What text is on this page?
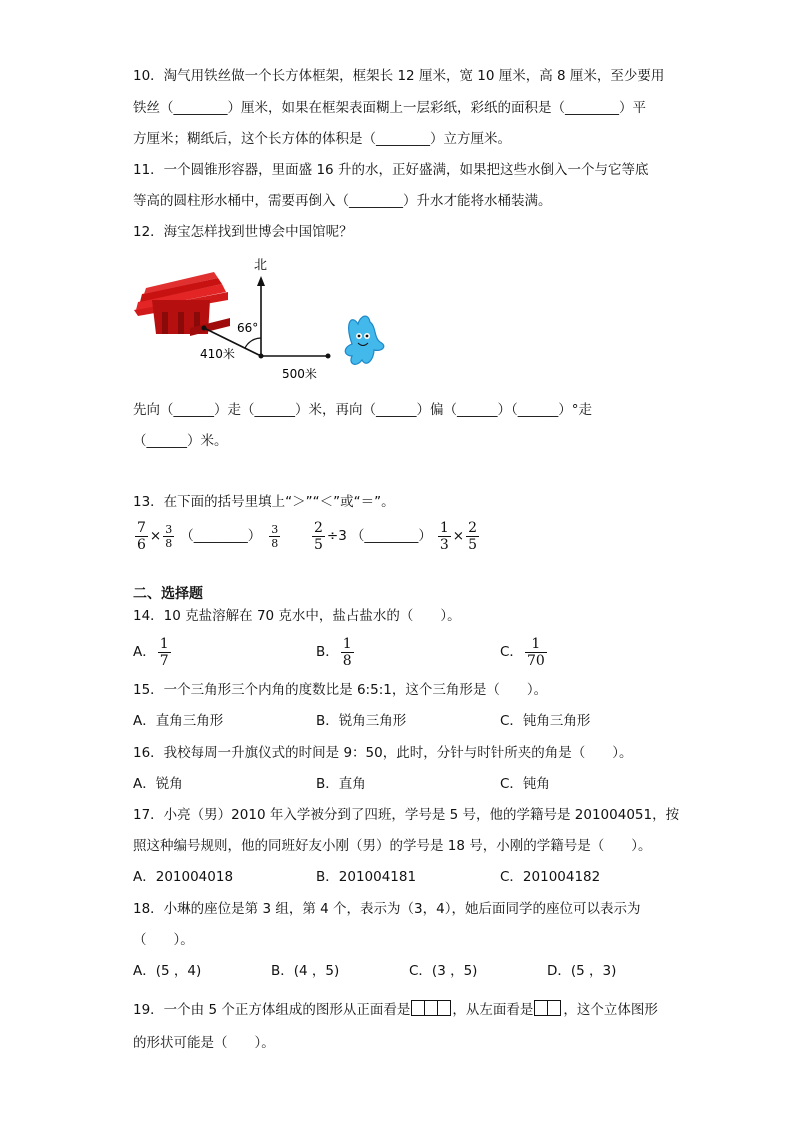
10．淘气用铁丝做一个长方体框架，框架长 12 厘米，宽 10 厘米，高 8 厘米，至少要用
铁丝（________）厘米，如果在框架表面糊上一层彩纸，彩纸的面积是（________）平
方厘米；糊纸后，这个长方体的体积是（________）立方厘米。
11．一个圆锥形容器，里面盛 16 升的水，正好盛满，如果把这些水倒入一个与它等底
等高的圆柱形水桶中，需要再倒入（________）升水才能将水桶装满。
12．海宝怎样找到世博会中国馆呢？
北
66°
410米
500米
先向（______）走（______）米，再向（______）偏（______）（______）°走
（______）米。
13．在下面的括号里填上“＞”“＜”或“＝”。
$\frac{7}{6} \times \frac{3}{8}$ （________） $\frac{3}{8} \frac{2}{5} \div 3$ （________） $\frac{1}{3} \times \frac{2}{5}$
二、选择题
14．10 克盐溶解在 70 克水中，盐占盐水的（　　）。
A． $\frac{1}{7}$	B． $\frac{1}{8}$	C． $\frac{1}{70}$
15．一个三角形三个内角的度数比是 6:5:1，这个三角形是（　　）。
A．直角三角形	B．锐角三角形	C．钝角三角形
16．我校每周一升旗仪式的时间是 9：50，此时，分针与时针所夹的角是（　　）。
A．锐角	B．直角	C．钝角
17．小亮（男）2010 年入学被分到了四班，学号是 5 号，他的学籍号是 201004051，按
照这种编号规则，他的同班好友小刚（男）的学号是 18 号，小刚的学籍号是（　　）。
A．201004018	B．201004181	C．201004182
18．小琳的座位是第 3 组，第 4 个，表示为（3，4），她后面同学的座位可以表示为
（　　）。
A．(5 ，4)	B．(4 ，5)	C．(3 ，5)	D．(5 ，3)
19．一个由 5 个正方体组成的图形从正面看是	，从左面看是 ，这个立体图形
的形状可能是（　　）。
